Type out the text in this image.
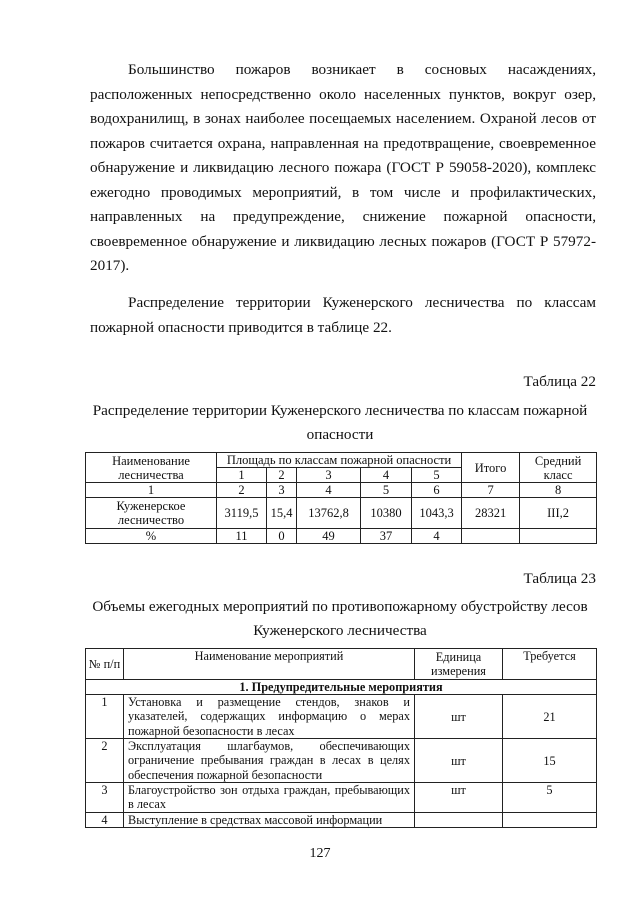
Большинство пожаров возникает в сосновых насаждениях, расположенных непосредственно около населенных пунктов, вокруг озер, водохранилищ, в зонах наиболее посещаемых населением. Охраной лесов от пожаров считается охрана, направленная на предотвращение, своевременное обнаружение и ликвидацию лесного пожара (ГОСТ Р 59058-2020), комплекс ежегодно проводимых мероприятий, в том числе и профилактических, направленных на предупреждение, снижение пожарной опасности, своевременное обнаружение и ликвидацию лесных пожаров (ГОСТ Р 57972-2017).

Распределение территории Куженерского лесничества по классам пожарной опасности приводится в таблице 22.

Таблица 22
Распределение территории Куженерского лесничества по классам пожарной
опасности
Наименование лесничества	Площадь по классам пожарной опасности					Итого	Средний класс
	1	2	3	4	5		
1	2	3	4	5	6	7	8
Куженерское лесничество	3119,5	15,4	13762,8	10380	1043,3	28321	III,2
%	11	0	49	37	4		
Таблица 23
Объемы ежегодных мероприятий по противопожарному обустройству лесов
Куженерского лесничества
№ п/п	Наименование мероприятий	Единица измерения	Требуется
1. Предупредительные мероприятия			
1	Установка и размещение стендов, знаков и указателей, содержащих информацию о мерах пожарной безопасности в лесах	шт	21
2	Эксплуатация шлагбаумов, обеспечивающих ограничение пребывания граждан в лесах в целях обеспечения пожарной безопасности	шт	15
3	Благоустройство зон отдыха граждан, пребывающих в лесах	шт	5
4	Выступление в средствах массовой информации		
127
